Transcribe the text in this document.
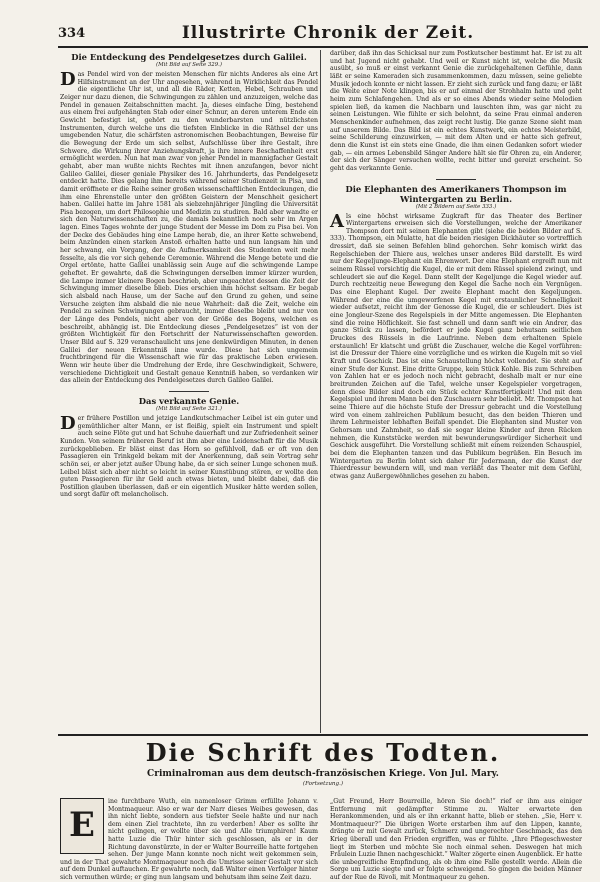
334	Illustrirte Chronik der Zeit.
Die Entdeckung des Pendelgesetzes durch Galilei.
(Mit Bild auf Seite 329.)

Das Pendel wird von der meisten Menschen für nichts Anderes als eine Art Hilfsinstrument an der Uhr angesehen, während in Wirklichkeit das Pendel die eigentliche Uhr ist, und all die Räder, Ketten, Hebel, Schrauben und Zeiger nur dazu dienen, die Schwingungen zu zählen und anzuzeigen, welche das Pendel in genauen Zeitabschnitten macht. Ja, dieses einfache Ding, bestehend aus einem frei aufgehängten Stab oder einer Schnur, an deren unterem Ende ein Gewicht befestigt ist, gehört zu den wunderbarsten und nützlichsten Instrumenten, durch welche uns die tiefsten Einblicke in die Räthsel der uns umgebenden Natur, die schärfsten astronomischen Beobachtungen, Beweise für die Bewegung der Erde um sich selbst, Aufschlüsse über ihre Gestalt, ihre Schwere, die Wirkung ihrer Anziehungskraft, ja ihre innere Beschaffenheit erst ermöglicht werden. Nun hat man zwar von jeher Pendel in mannigfacher Gestalt gehabt, aber man wußte nichts Rechtes mit ihnen anzufangen, bevor nicht Galileo Galilei, dieser geniale Physiker des 16. Jahrhunderts, das Pendelgesetz entdeckt hatte. Dies gelang ihm bereits während seiner Studienzeit in Pisa, und damit eröffnete er die Reihe seiner großen wissenschaftlichen Entdeckungen, die ihm eine Ehrenstelle unter den größten Geistern der Menschheit gesichert haben. Galilei hatte im Jahre 1581 als siebzehnjähriger Jüngling die Universität Pisa bezogen, um dort Philosophie und Medizin zu studiren. Bald aber wandte er sich den Naturwissenschaften zu, die damals bekanntlich noch sehr im Argen lagen. Eines Tages wohnte der junge Student der Messe im Dom zu Pisa bei. Von der Decke des Gebäudes hing eine Lampe herab, die, an ihrer Kette schwebend, beim Anzünden einen starken Anstoß erhalten hatte und nun langsam hin und her schwang, ein Vorgang, der die Aufmerksamkeit des Studenten weit mehr fesselte, als die vor sich gehende Ceremonie. Während die Menge betete und die Orgel ertönte, hatte Galilei unablässig sein Auge auf die schwingende Lampe geheftet. Er gewahrte, daß die Schwingungen derselben immer kürzer wurden, die Lampe immer kleinere Bogen beschrieb, aber ungeachtet dessen die Zeit der Schwingung immer dieselbe blieb. Dies erschien ihm höchst seltsam. Er begab sich alsbald nach Hause, um der Sache auf den Grund zu gehen, und seine Versuche zeigten ihm alsbald die nie neue Wahrheit: daß die Zeit, welche ein Pendel zu seinen Schwingungen gebraucht, immer dieselbe bleibt und nur von der Länge des Pendels, nicht aber von der Größe des Bogens, welchen es beschreibt, abhängig ist. Die Entdeckung dieses „Pendelgesetzes“ ist von der größten Wichtigkeit für den Fortschritt der Naturwissenschaften geworden. Unser Bild auf S. 329 veranschaulicht uns jene denkwürdigen Minuten, in denen Galilei der neuen Erkenntniß inne wurde. Diese hat sich ungemein fruchtbringend für die Wissenschaft wie für das praktische Leben erwiesen. Wenn wir heute über die Umdrehung der Erde, ihre Geschwindigkeit, Schwere, verschiedene Dichtigkeit und Gestalt genaue Kenntniß haben, so verdanken wir das allein der Entdeckung des Pendelgesetzes durch Galileo Galilei.

Das verkannte Genie.
(Mit Bild auf Seite 321.)

Der frühere Postillon und jetzige Landkutschmacher Leibel ist ein guter und gemüthlicher alter Mann, er ist fleißig, spielt ein Instrument und spielt auch seine Flöte gut und hat Schuhe dauerhaft und zur Zufriedenheit seiner Kunden. Von seinem früheren Beruf ist ihm aber eine Leidenschaft für die Musik zurückgeblieben. Er bläst einst das Horn so gefühlvoll, daß er oft von den Passagieren ein Trinkgeld bekam mit der Anerkennung, daß sein Vortrag sehr schön sei, er aber jetzt außer Übung habe, da er sich seiner Lunge schonen muß. Leibel bläst sich aber nicht so leicht in seiner Kunstübung stören, er wollte den guten Passagieren für ihr Geld auch etwas bieten, und bleibt dabei, daß die Postillion glauben überlassen, daß er ein eigentlich Musiker hätte werden sollen, und sorgt dafür oft melancholisch.

darüber, daß ihn das Schicksal nur zum Postkutscher bestimmt hat. Er ist zu alt und hat Jugend nicht gehabt. Und weil er Kunst nicht ist, welche die Musik ausübt, so muß er einst verkannt Genie die zurückgehaltenen Gefühle, dann läßt er seine Kameraden sich zusammenkommen, dazu müssen, seine geliebte Musik jedoch konnte er nicht lassen. Er zieht sich zurück und fang dazu; er läßt die Weite einer Note klingen, bis er auf einmal der Strohhalm hatte und geht heim zum Schlafengehen. Und als er so eines Abends wieder seine Melodien spielen ließ, da kamen die Nachbarn und lauschten ihm, was gar nicht zu seinen Leistungen. Wie fühlte er sich belohnt, da seine Frau einmal anderen Menschenkinder aufnehmen, das zeigt recht lustig. Die ganze Szene sieht man auf unserem Bilde. Das Bild ist ein echtes Kunstwerk, ein echtes Meisterbild, seine Schilderung einzuwirken, — mit dem Alten und er hatte sich gefreut, denn die Kunst ist ein stets eine Gnade, die ihm einen Gedanken sofort wieder gab, — ein armes Lebensbild Sänger Andere hält sie für Ohren zu, ein Anderer, der sich der Sänger versuchen wollte, recht bitter und gereizt erscheint. So geht das verkannte Genie.

Die Elephanten des Amerikaners Thompson im Wintergarten zu Berlin.
(Mit 2 Bildern auf Seite 333.)

Als eine höchst wirksame Zugkraft für das Theater des Berliner Wintergartens erweisen sich die Vorstellungen, welche der Amerikaner Thompson dort mit seinen Elephanten gibt (siehe die beiden Bilder auf S. 333). Thompson, ein Mulatte, hat die beiden riesigen Dickhäuter so vortrefflich dressirt, daß sie seinen Befehlen blind gehorchen. Sehr komisch wirkt das Regelschieben der Thiere aus, welches unser anderes Bild darstellt. Es wird nur der Kegeljunge-Elephant ein Ehrenwort. Der eine Elephant ergreift nun mit seinem Rüssel vorsichtig die Kugel, die er mit dem Rüssel spielend zwingt, und schleudert sie auf die Kegel. Dann stellt der Kegeljunge die Kegel wieder auf. Durch rechtzeitig neue Bewegung den Kegel die Sache noch ein Vergnügen. Das eine Elephant Kugel. Der zweite Elephant macht den Kegeljungen. Während der eine die umgeworfenen Kegel mit erstaunlicher Schnelligkeit wieder aufsetzt, reicht ihm der Genosse die Kugel, die er schleudert. Dies ist eine Jongleur-Szene des Regelspiels in der Mitte angemessen. Die Elephanten sind die reine Höflichkeit. Sie fast schnell und dann sanft wie ein Andrer, das ganze Stück zu lassen, befördert er jede Kugel ganz behutsam seitlichen Druckes des Rüssels in die Laufrinne. Neben dem erhaltenen Spiele erstaunlich! Er klatscht und grüßt die Zuschauer, welche die Kegel vorführen: ist die Dressur der Thiere eine vorzügliche und es wirken die Kugeln mit so viel Kraft und Geschick. Das ist eine Schaustellung höchst vollendet. Sie steht auf einer Stufe der Kunst. Eine dritte Gruppe, kein Stück Kohle. Bis zum Schreiben von Zahlen hat er es jedoch noch nicht gebracht, deshalb malt er nur eine breitrunden Zeichen auf die Tafel, welche unser Kegelspieler vorgetragen, denn diese Bilder sind doch ein Stück echter Kunstfertigkeit! Und mit dem Kegelspiel und ihrem Mann bei den Zuschauern sehr beliebt. Mr. Thompson hat seine Thiere auf die höchste Stufe der Dressur gebracht und die Vorstellung wird von einem zahlreichen Publikum besucht, das den beiden Thieren und ihrem Lehrmeister lebhaften Beifall spendet. Die Elephanten sind Muster von Gehorsam und Zahmheit, so daß sie sogar kleine Kinder auf ihren Rücken nehmen, die Kunststücke werden mit bewunderungswürdiger Sicherheit und Geschick ausgeführt. Die Vorstellung schließt mit einem reizenden Schauspiel, bei dem die Elephanten tanzen und das Publikum begrüßen. Ein Besuch im Wintergarten zu Berlin lohnt sich daher für Jedermann, der die Kunst der Thierdressur bewundern will, und man verläßt das Theater mit dem Gefühl, etwas ganz Außergewöhnliches gesehen zu haben.

Die Schrift des Todten.
Criminalroman aus dem deutsch-französischen Kriege. Von Jul. Mary.
(Fortsetzung.)
E
ine furchtbare Wuth, ein namenloser Grimm erfüllte Johann v. Montmaqueur. Also er war der Narr dieses Weibes gewesen, das ihn nicht liebte, sondern aus tiefster Seele haßte und nur nach dem einen Ziel trachtete, ihn zu verderben! Aber es sollte ihr nicht gelingen, er wollte über sie und Alle triumphiren! Kaum hatte Luzie die Thür hinter sich geschlossen, als er in der Richtung davonstürzte, in der er Walter Bourreille hatte fortgehen sehen. Der junge Mann konnte noch nicht weit gekommen sein, und in der That gewahrte Montmaqueur noch die Umrisse seiner Gestalt vor sich auf dem Dunkel auftauchen. Er gewahrte noch, daß Walter einen Verfolger hinter sich vermuthen würde; er ging nun langsam und behutsam ihm seine Zeit dazu.
„Gut Freund, Herr Bourreille, hören Sie doch!“ rief er ihm aus einiger Entfernung mit gedämpfter Stimme zu. Walter erwartete den Herankommenden, und als er ihn erkannt hatte, blieb er stehen. „Sie, Herr v. Montmaqueur?“ Die übrigen Worte erstarben ihm auf den Lippen, kannte, drängte er mit Gewalt zurück, Schmerz und ungerechter Geschmack, das den Krieg überall und den Frieden ergriffen, was er fühlte. „Ihre Pflegeschwester liegt im Sterben und möchte Sie noch einmal sehen. Deswegen hat mich Fräulein Luzie Ihnen nachgeschickt.“ Walter zögerte einen Augenblick. Er hatte die unbegreifliche Empfindung, als ob ihm eine Falle gestellt werde. Allein die Sorge um Luzie siegte und er folgte schweigend. So gingen die beiden Männer auf der Rue de Rivoli, mit Montmaqueur zu gehen.
